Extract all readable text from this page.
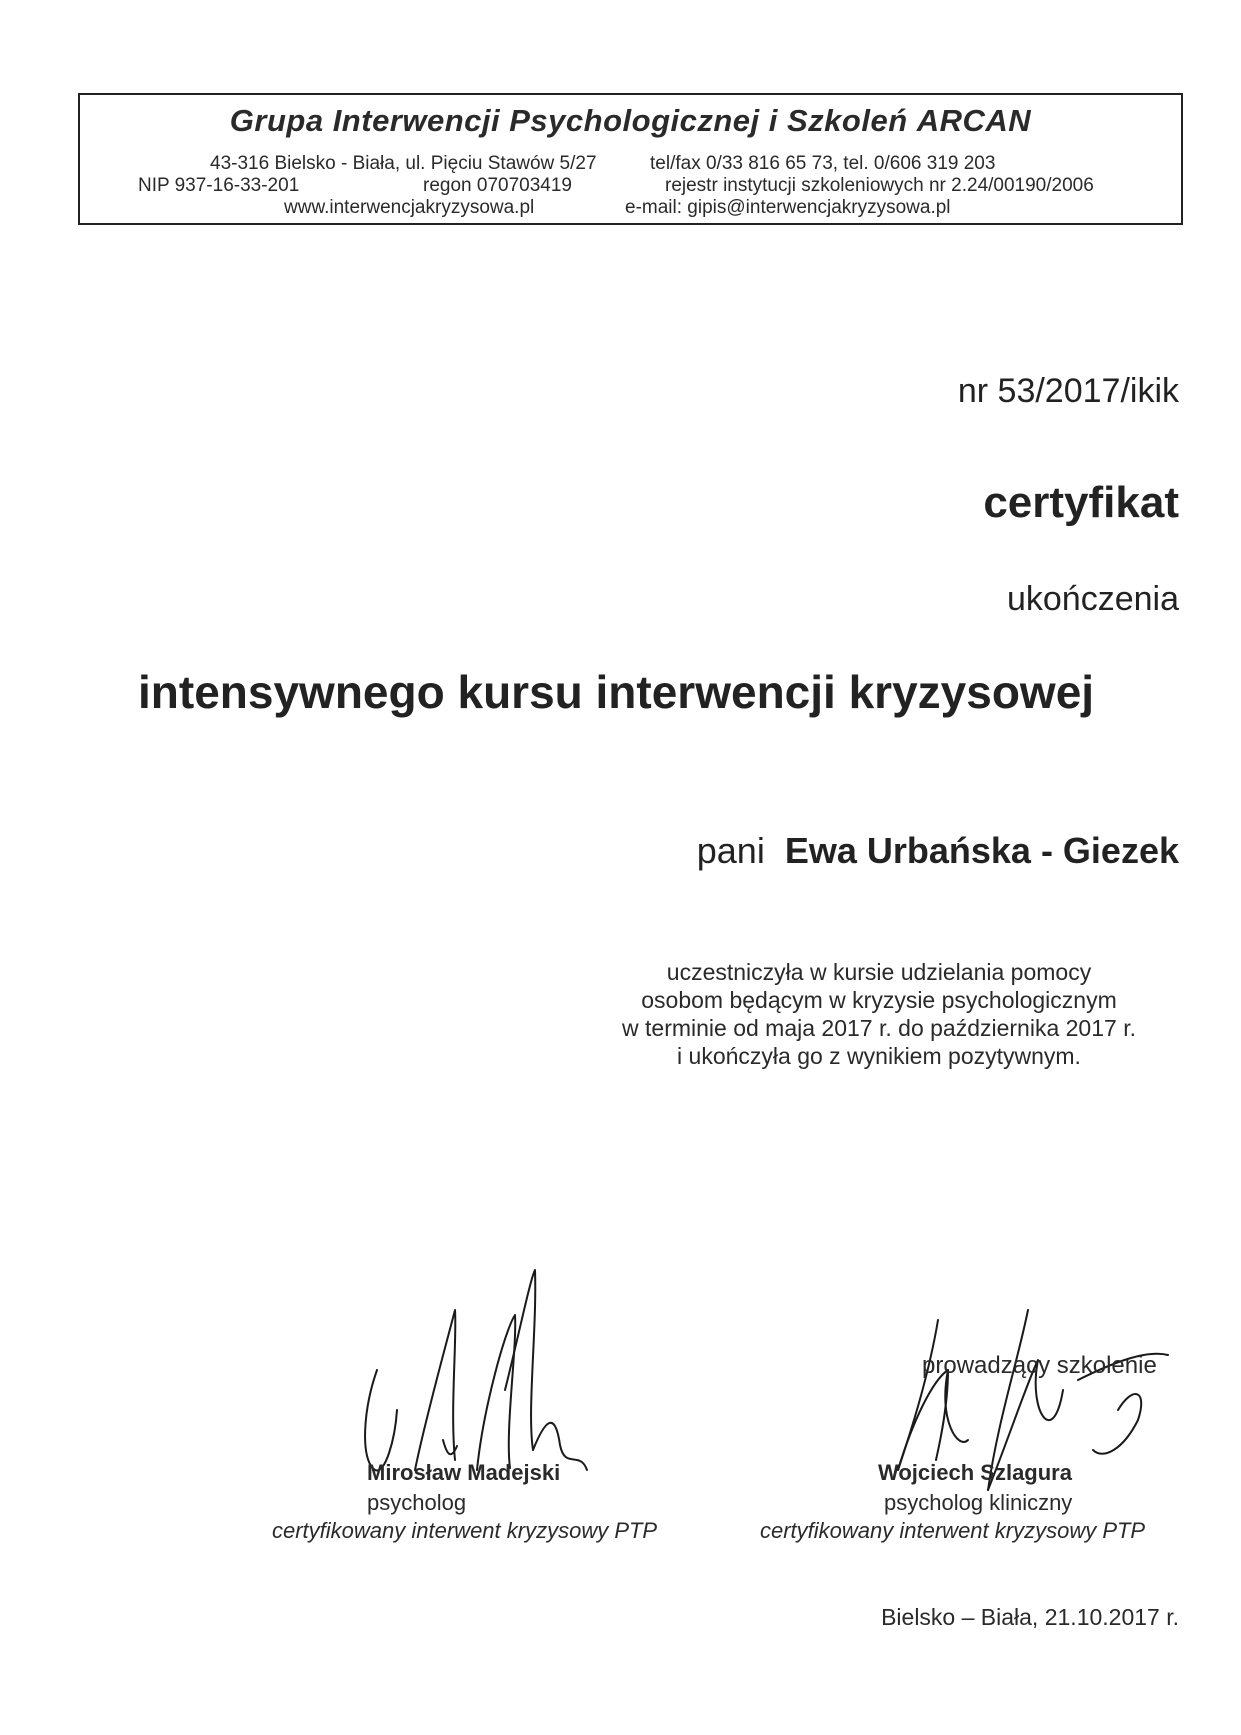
Grupa Interwencji Psychologicznej i Szkoleń ARCAN
43-316 Bielsko - Biała, ul. Pięciu Stawów 5/27	tel/fax 0/33 816 65 73, tel. 0/606 319 203
NIP 937-16-33-201	regon 070703419	rejestr instytucji szkoleniowych nr 2.24/00190/2006
www.interwencjakryzysowa.pl	e-mail: gipis@interwencjakryzysowa.pl
nr 53/2017/ikik
certyfikat
ukończenia
intensywnego kursu interwencji kryzysowej
pani Ewa Urbańska - Giezek
uczestniczyła w kursie udzielania pomocy
osobom będącym w kryzysie psychologicznym
w terminie od maja 2017 r. do października 2017 r.
i ukończyła go z wynikiem pozytywnym.
Mirosław Madejski
psycholog
certyfikowany interwent kryzysowy PTP
prowadzący szkolenie
Wojciech Szlagura
psycholog kliniczny
certyfikowany interwent kryzysowy PTP
Bielsko – Biała, 21.10.2017 r.
